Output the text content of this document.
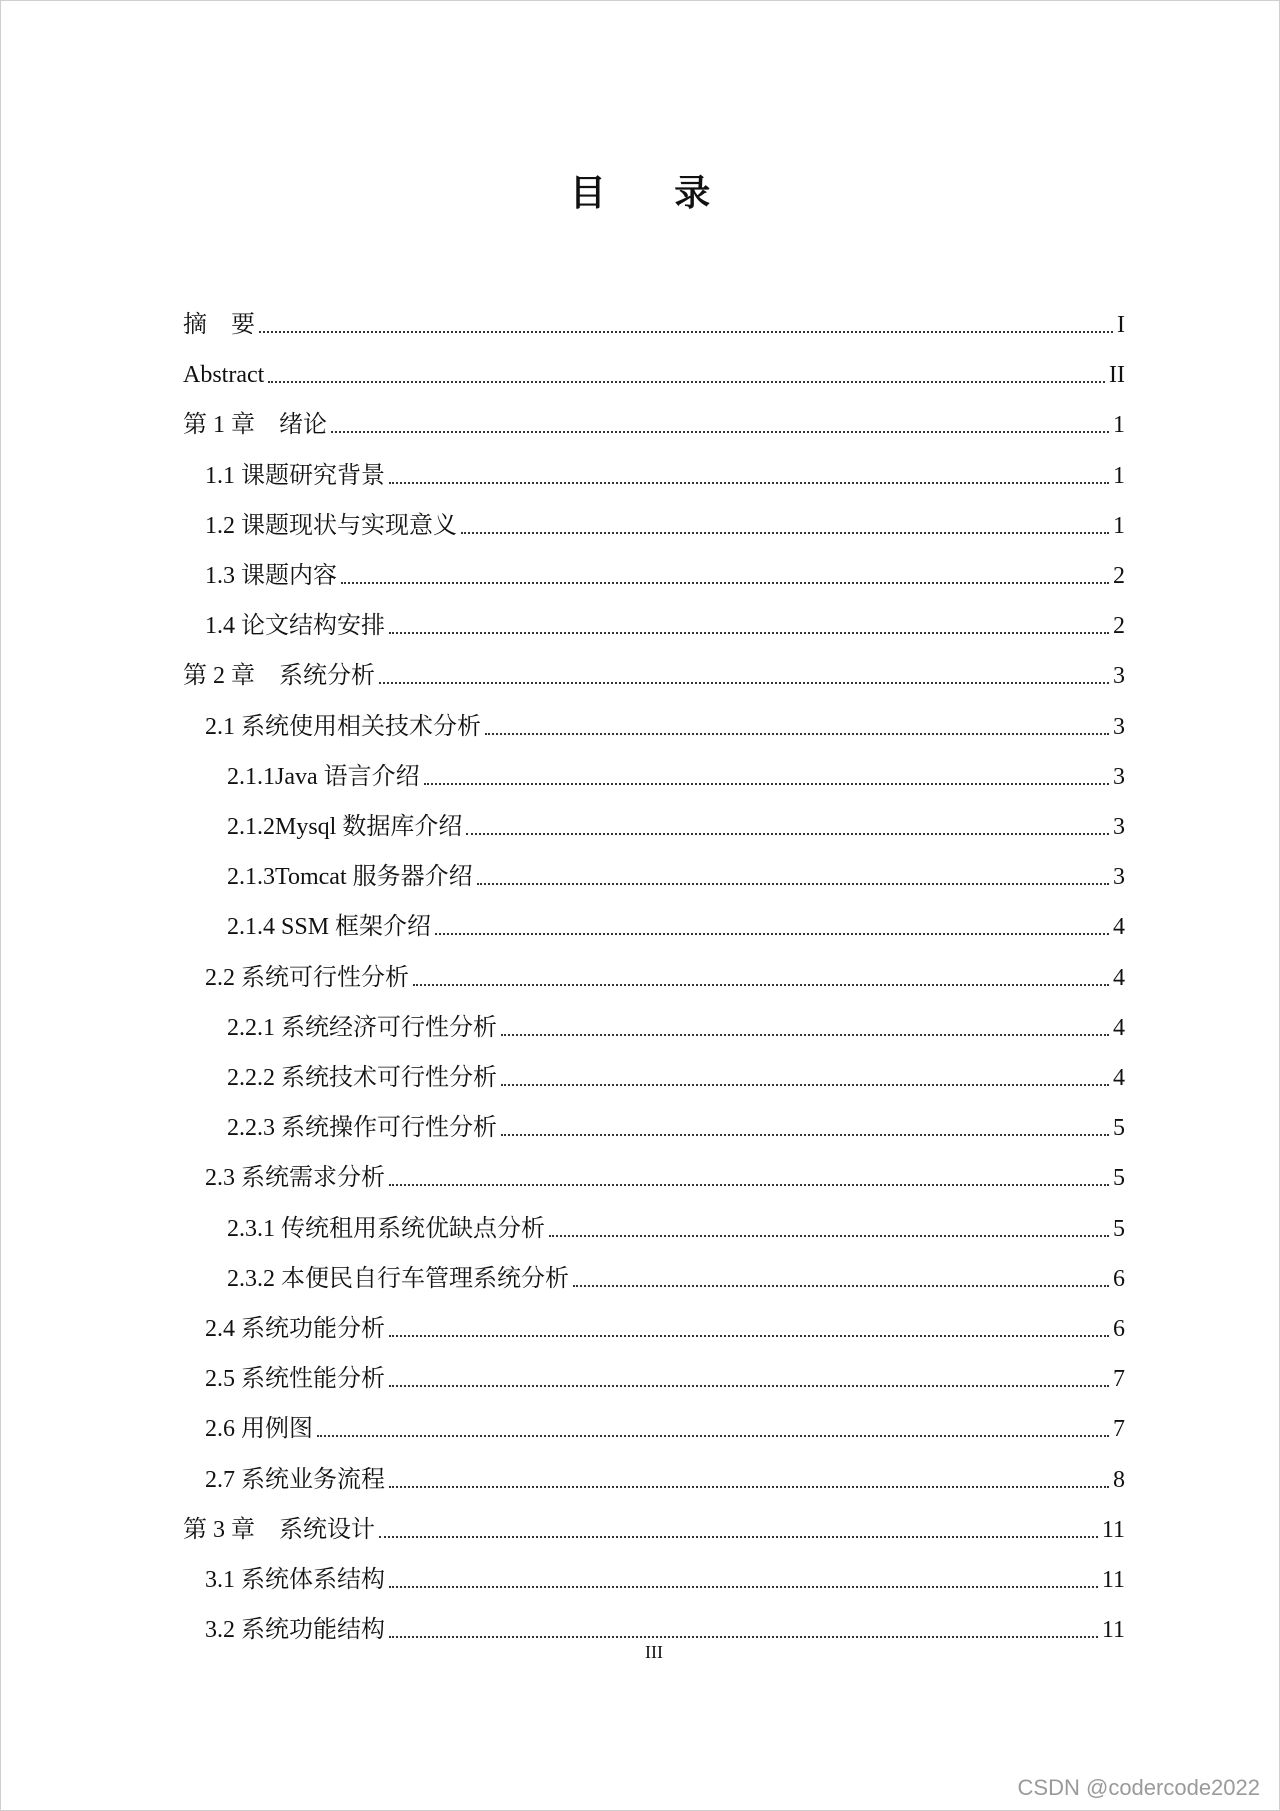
目 录
摘    要	I
Abstract	II
第 1 章    绪论	1
1.1 课题研究背景	1
1.2 课题现状与实现意义	1
1.3 课题内容	2
1.4 论文结构安排	2
第 2 章    系统分析	3
2.1 系统使用相关技术分析	3
2.1.1Java 语言介绍	3
2.1.2Mysql 数据库介绍	3
2.1.3Tomcat 服务器介绍	3
2.1.4 SSM 框架介绍	4
2.2 系统可行性分析	4
2.2.1 系统经济可行性分析	4
2.2.2 系统技术可行性分析	4
2.2.3 系统操作可行性分析	5
2.3 系统需求分析	5
2.3.1 传统租用系统优缺点分析	5
2.3.2 本便民自行车管理系统分析	6
2.4 系统功能分析	6
2.5 系统性能分析	7
2.6 用例图	7
2.7 系统业务流程	8
第 3 章    系统设计	11
3.1 系统体系结构	11
3.2 系统功能结构	11
III
CSDN @codercode2022
